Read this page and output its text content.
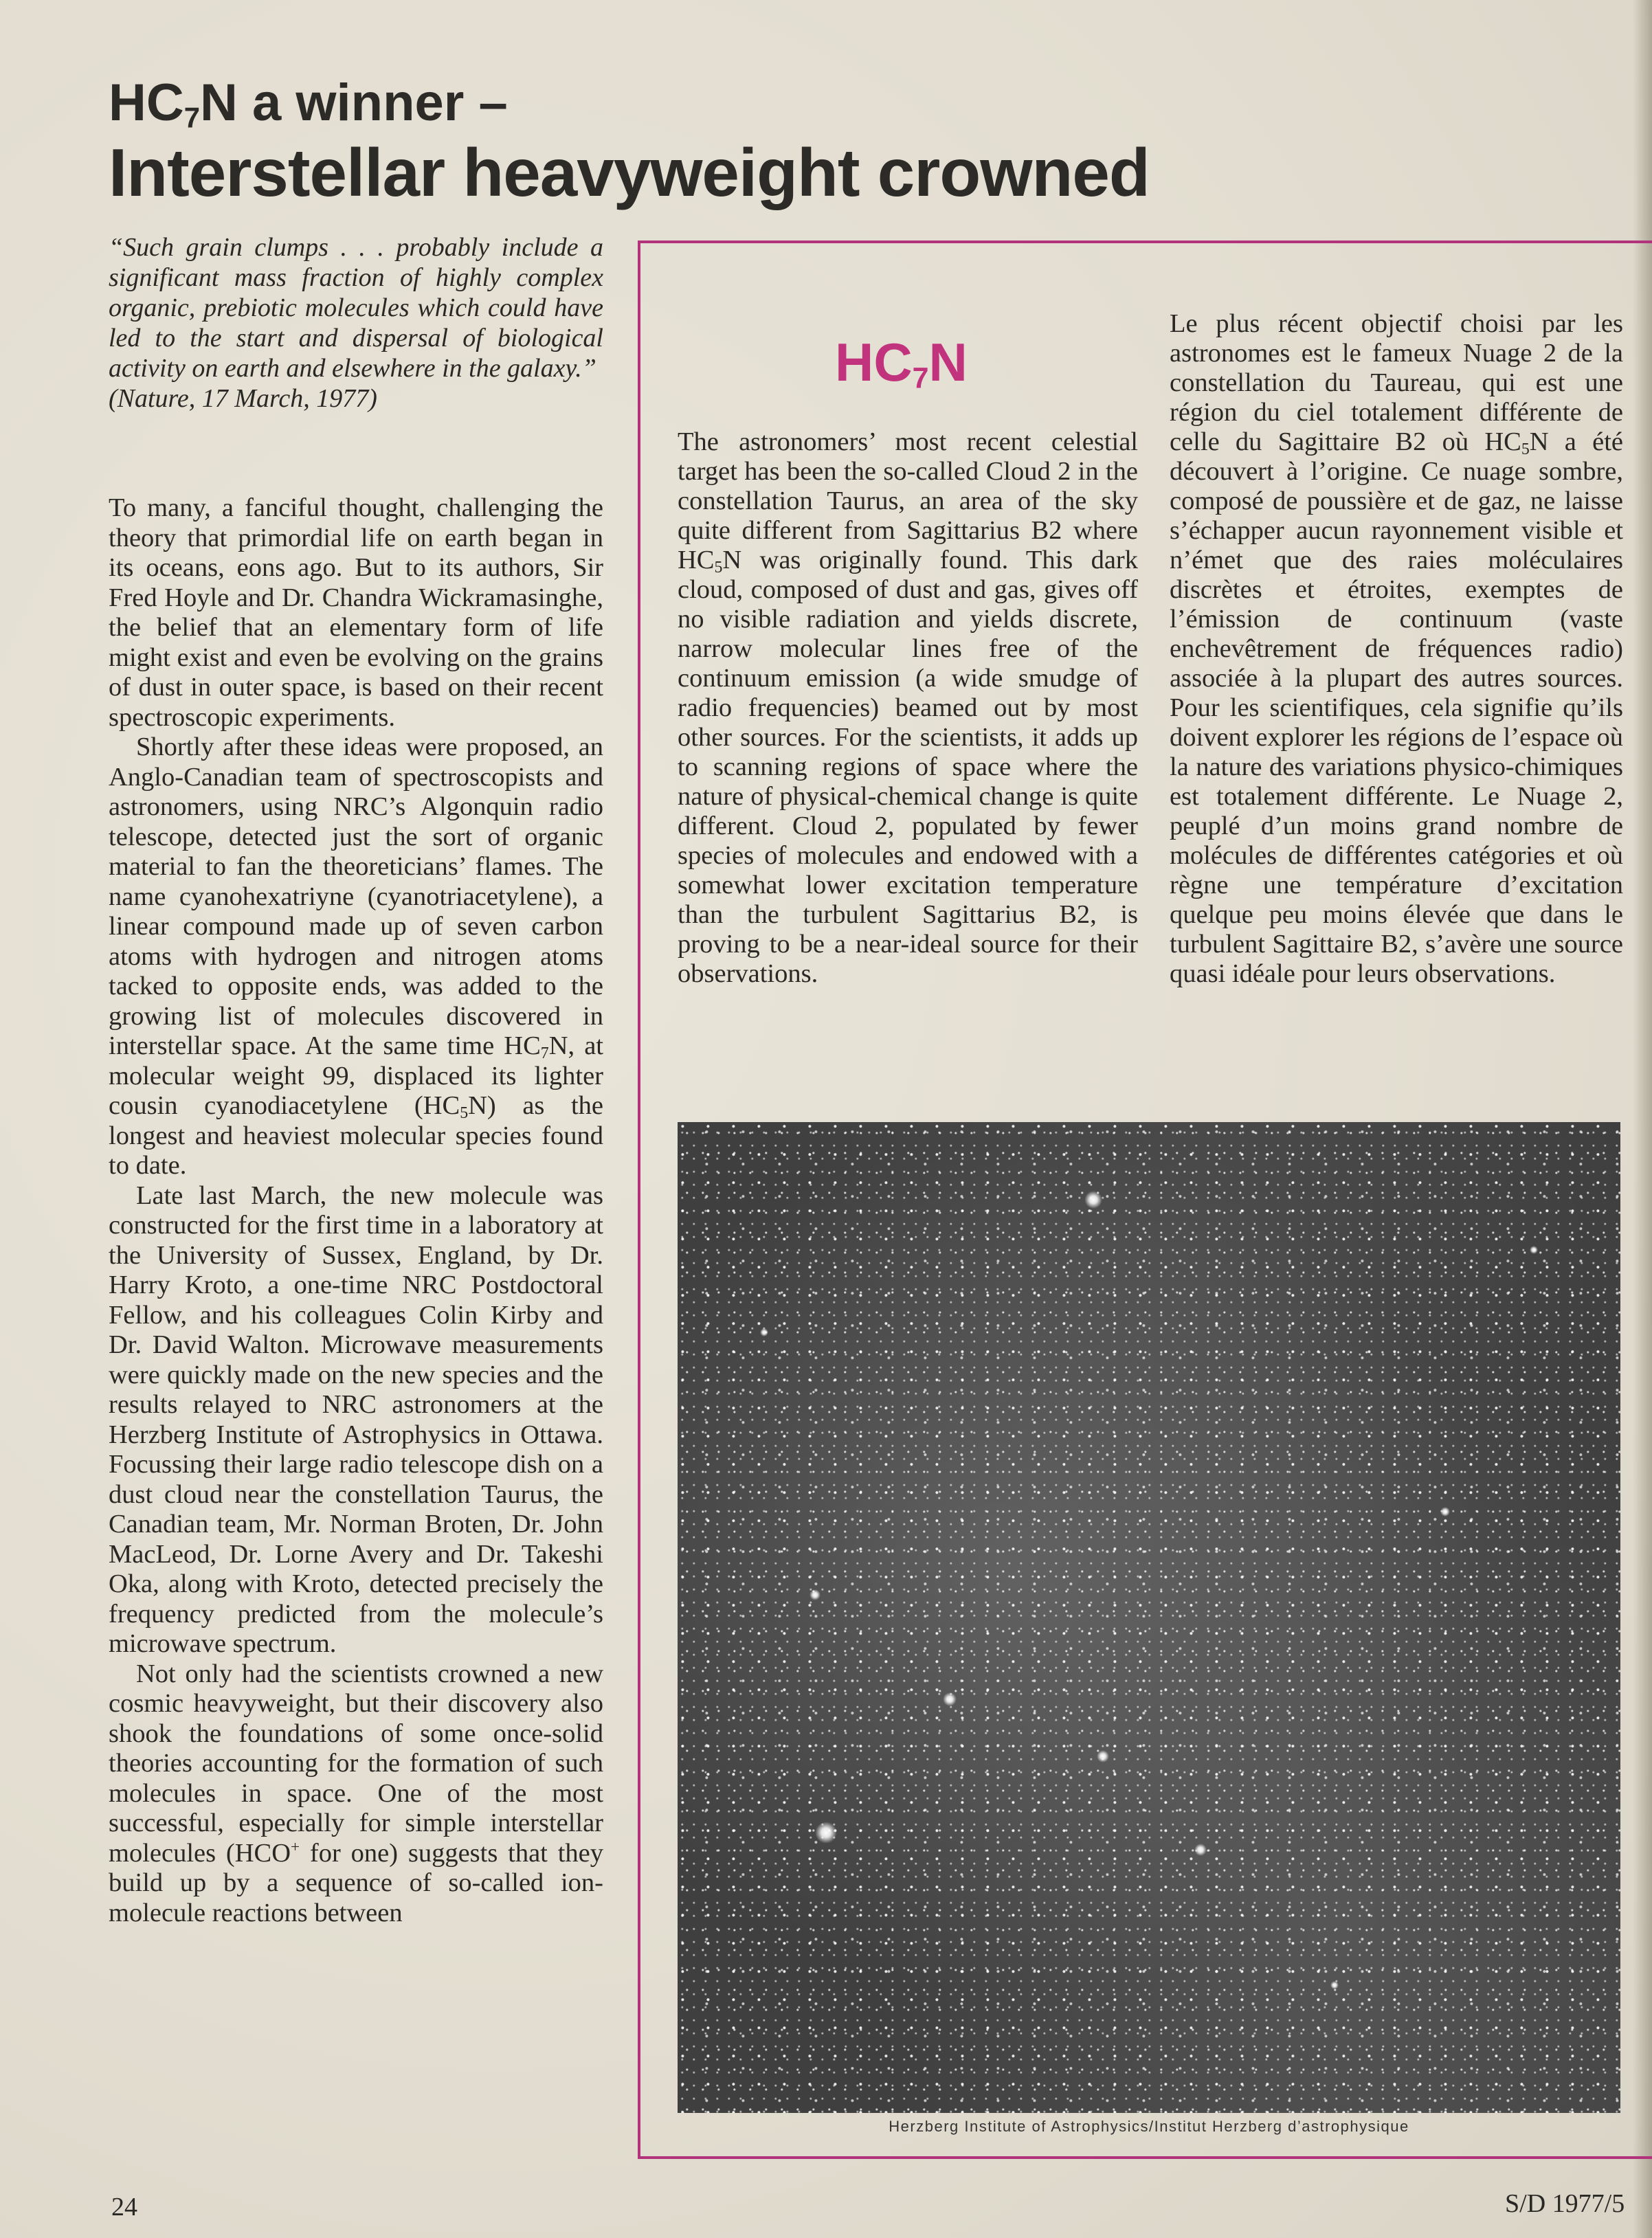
$HC_7N$ a winner –
Interstellar heavyweight crowned

“Such grain clumps . . . probably include a significant mass fraction of highly complex organic, prebiotic molecules which could have led to the start and dispersal of biological activity on earth and elsewhere in the galaxy.”

(Nature, 17 March, 1977)

To many, a fanciful thought, challenging the theory that primordial life on earth began in its oceans, eons ago. But to its authors, Sir Fred Hoyle and Dr. Chandra Wickramasinghe, the belief that an elementary form of life might exist and even be evolving on the grains of dust in outer space, is based on their recent spectroscopic experiments.

Shortly after these ideas were proposed, an Anglo-Canadian team of spectroscopists and astronomers, using NRC’s Algonquin radio telescope, detected just the sort of organic material to fan the theoreticians’ flames. The name cyanohexatriyne (cyanotriacetylene), a linear compound made up of seven carbon atoms with hydrogen and nitrogen atoms tacked to opposite ends, was added to the growing list of molecules discovered in interstellar space. At the same time $HC_7N$, at molecular weight 99, displaced its lighter cousin cyanodiacetylene $(HC_5N)$ as the longest and heaviest molecular species found to date.

Late last March, the new molecule was constructed for the first time in a laboratory at the University of Sussex, England, by Dr. Harry Kroto, a one-time NRC Postdoctoral Fellow, and his colleagues Colin Kirby and Dr. David Walton. Microwave measurements were quickly made on the new species and the results relayed to NRC astronomers at the Herzberg Institute of Astrophysics in Ottawa. Focussing their large radio telescope dish on a dust cloud near the constellation Taurus, the Canadian team, Mr. Norman Broten, Dr. John MacLeod, Dr. Lorne Avery and Dr. Takeshi Oka, along with Kroto, detected precisely the frequency predicted from the molecule’s microwave spectrum.

Not only had the scientists crowned a new cosmic heavyweight, but their discovery also shook the foundations of some once-solid theories accounting for the formation of such molecules in space. One of the most successful, especially for simple interstellar molecules (HCO+ for one) suggests that they build up by a sequence of so-called ion-molecule reactions between

$HC_7N$

The astronomers’ most recent celestial target has been the so-called Cloud 2 in the constellation Taurus, an area of the sky quite different from Sagittarius B2 where $HC_5N$ was originally found. This dark cloud, composed of dust and gas, gives off no visible radiation and yields discrete, narrow molecular lines free of the continuum emission (a wide smudge of radio frequencies) beamed out by most other sources. For the scientists, it adds up to scanning regions of space where the nature of physical-chemical change is quite different. Cloud 2, populated by fewer species of molecules and endowed with a somewhat lower excitation temperature than the turbulent Sagittarius B2, is proving to be a near-ideal source for their observations.

Le plus récent objectif choisi par les astronomes est le fameux Nuage 2 de la constellation du Taureau, qui est une région du ciel totalement différente de celle du Sagittaire B2 où $HC_5N$ a été découvert à l’origine. Ce nuage sombre, composé de poussière et de gaz, ne laisse s’échapper aucun rayonnement visible et n’émet que des raies moléculaires discrètes et étroites, exemptes de l’émission de continuum (vaste enchevêtrement de fréquences radio) associée à la plupart des autres sources. Pour les scientifiques, cela signifie qu’ils doivent explorer les régions de l’espace où la nature des variations physico-chimiques est totalement différente. Le Nuage 2, peuplé d’un moins grand nombre de molécules de différentes catégories et où règne une température d’excitation quelque peu moins élevée que dans le turbulent Sagittaire B2, s’avère une source quasi idéale pour leurs observations.

Herzberg Institute of Astrophysics/Institut Herzberg d’astrophysique
24	S/D 1977/5
